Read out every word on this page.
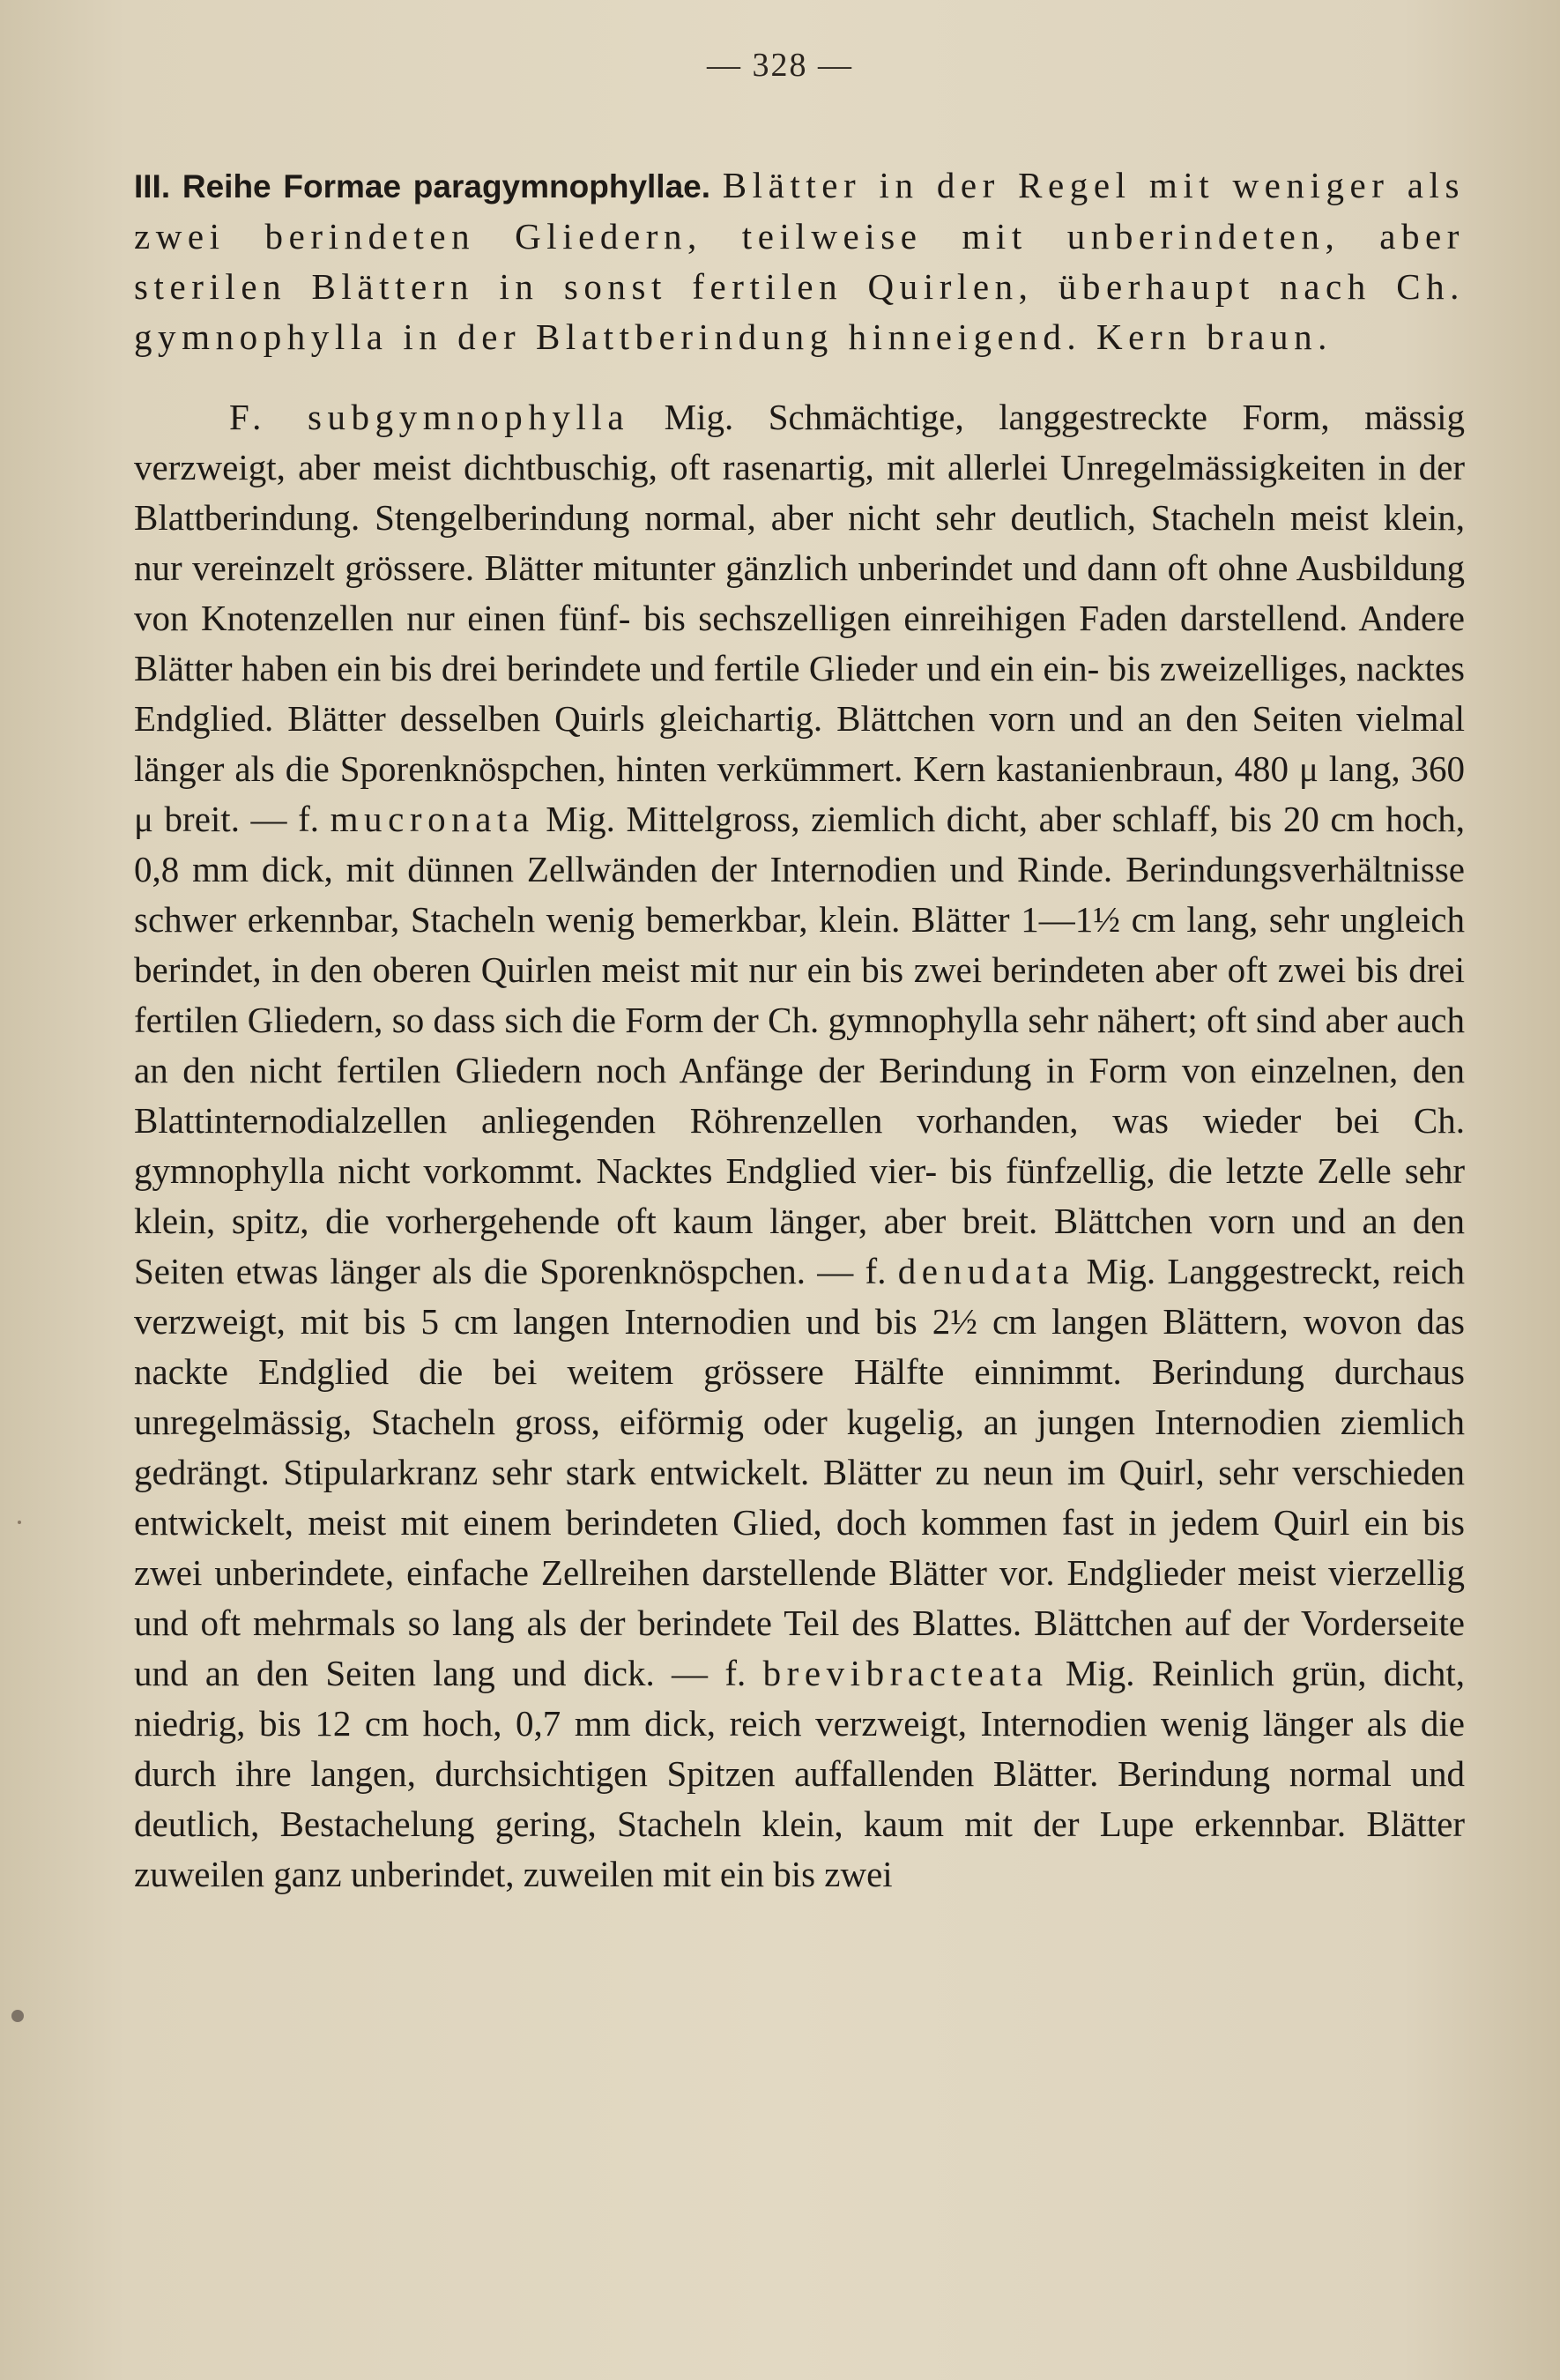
— 328 —

III. Reihe Formae paragymnophyllae. Blätter in der Regel mit weniger als zwei berindeten Gliedern, teilweise mit unberindeten, aber sterilen Blättern in sonst fertilen Quirlen, überhaupt nach Ch. gymnophylla in der Blattberindung hinneigend. Kern braun.

F. subgymnophylla Mig. Schmächtige, langgestreckte Form, mässig verzweigt, aber meist dichtbuschig, oft rasenartig, mit allerlei Unregelmässigkeiten in der Blattberindung. Stengelberindung normal, aber nicht sehr deutlich, Stacheln meist klein, nur vereinzelt grössere. Blätter mitunter gänzlich unberindet und dann oft ohne Ausbildung von Knotenzellen nur einen fünf- bis sechszelligen einreihigen Faden darstellend. Andere Blätter haben ein bis drei berindete und fertile Glieder und ein ein- bis zweizelliges, nacktes Endglied. Blätter desselben Quirls gleichartig. Blättchen vorn und an den Seiten vielmal länger als die Sporenknöspchen, hinten verkümmert. Kern kastanienbraun, 480 μ lang, 360 μ breit. — f. mucronata Mig. Mittelgross, ziemlich dicht, aber schlaff, bis 20 cm hoch, 0,8 mm dick, mit dünnen Zellwänden der Internodien und Rinde. Berindungsverhältnisse schwer erkennbar, Stacheln wenig bemerkbar, klein. Blätter 1—1½ cm lang, sehr ungleich berindet, in den oberen Quirlen meist mit nur ein bis zwei berindeten aber oft zwei bis drei fertilen Gliedern, so dass sich die Form der Ch. gymnophylla sehr nähert; oft sind aber auch an den nicht fertilen Gliedern noch Anfänge der Berindung in Form von einzelnen, den Blattinternodialzellen anliegenden Röhrenzellen vorhanden, was wieder bei Ch. gymnophylla nicht vorkommt. Nacktes Endglied vier- bis fünfzellig, die letzte Zelle sehr klein, spitz, die vorhergehende oft kaum länger, aber breit. Blättchen vorn und an den Seiten etwas länger als die Sporenknöspchen. — f. denudata Mig. Langgestreckt, reich verzweigt, mit bis 5 cm langen Internodien und bis 2½ cm langen Blättern, wovon das nackte Endglied die bei weitem grössere Hälfte einnimmt. Berindung durchaus unregelmässig, Stacheln gross, eiförmig oder kugelig, an jungen Internodien ziemlich gedrängt. Stipularkranz sehr stark entwickelt. Blätter zu neun im Quirl, sehr verschieden entwickelt, meist mit einem berindeten Glied, doch kommen fast in jedem Quirl ein bis zwei unberindete, einfache Zellreihen darstellende Blätter vor. Endglieder meist vierzellig und oft mehrmals so lang als der berindete Teil des Blattes. Blättchen auf der Vorderseite und an den Seiten lang und dick. — f. brevibracteata Mig. Reinlich grün, dicht, niedrig, bis 12 cm hoch, 0,7 mm dick, reich verzweigt, Internodien wenig länger als die durch ihre langen, durchsichtigen Spitzen auffallenden Blätter. Berindung normal und deutlich, Bestachelung gering, Stacheln klein, kaum mit der Lupe erkennbar. Blätter zuweilen ganz unberindet, zuweilen mit ein bis zwei
